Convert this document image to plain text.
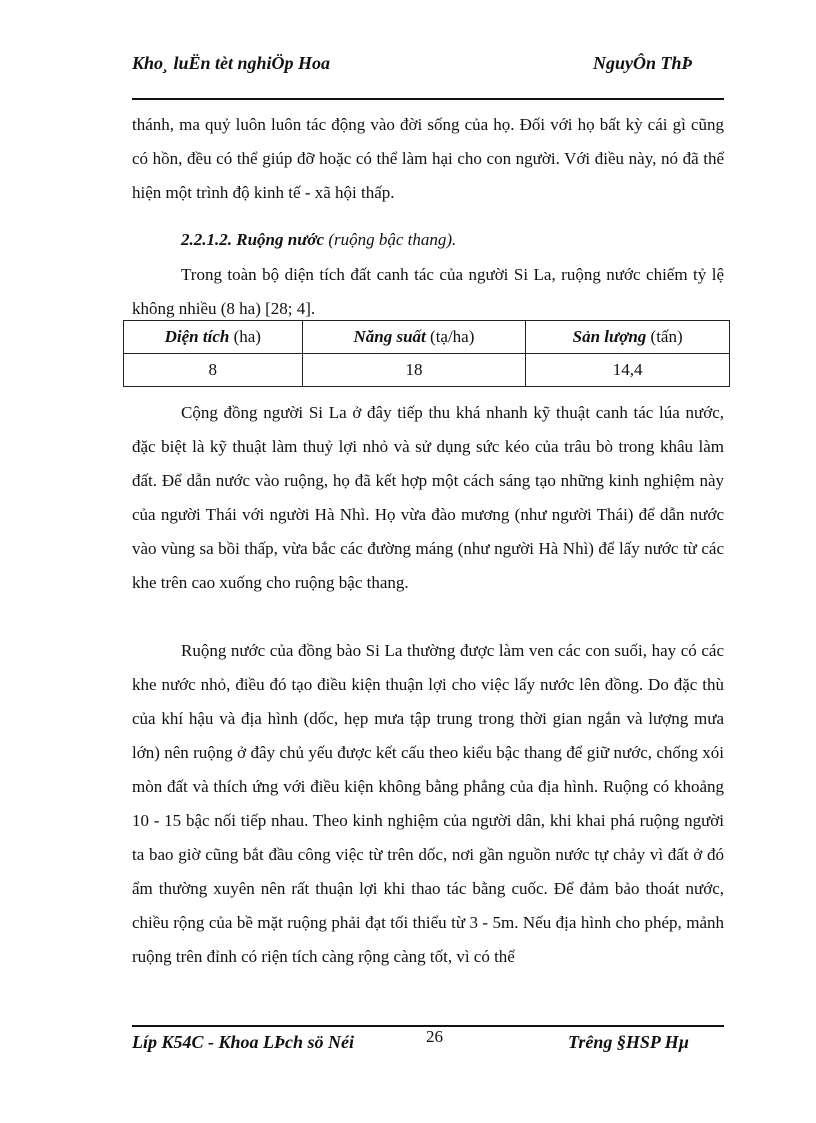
Kho¸ luËn tèt nghiÖp Hoa	NguyÔn ThÞ
thánh, ma quỷ luôn luôn tác động vào đời sống của họ. Đối với họ bất kỳ cái gì cũng có hồn, đều có thể giúp đỡ hoặc có thể làm hại cho con người. Với điều này, nó đã thể hiện một trình độ kinh tế - xã hội thấp.
2.2.1.2. Ruộng nước (ruộng bậc thang).
Trong toàn bộ diện tích đất canh tác của người Si La, ruộng nước chiếm tỷ lệ không nhiều (8 ha) [28; 4].
Diện tích (ha)	Năng suất (tạ/ha)	Sản lượng (tấn)
8	18	14,4
Cộng đồng người Si La ở đây tiếp thu khá nhanh kỹ thuật canh tác lúa nước, đặc biệt là kỹ thuật làm thuỷ lợi nhỏ và sử dụng sức kéo của trâu bò trong khâu làm đất. Để dẫn nước vào ruộng, họ đã kết hợp một cách sáng tạo những kinh nghiệm này của người Thái với người Hà Nhì. Họ vừa đào mương (như người Thái) để dẫn nước vào vùng sa bồi thấp, vừa bắc các đường máng (như người Hà Nhì) để lấy nước từ các khe trên cao xuống cho ruộng bậc thang.
Ruộng nước của đồng bào Si La thường được làm ven các con suối, hay có các khe nước nhỏ, điều đó tạo điều kiện thuận lợi cho việc lấy nước lên đồng. Do đặc thù của khí hậu và địa hình (dốc, hẹp mưa tập trung trong thời gian ngắn và lượng mưa lớn) nên ruộng ở đây chủ yếu được kết cấu theo kiểu bậc thang để giữ nước, chống xói mòn đất và thích ứng với điều kiện không bằng phẳng của địa hình. Ruộng có khoảng 10 - 15 bậc nối tiếp nhau. Theo kinh nghiệm của người dân, khi khai phá ruộng người ta bao giờ cũng bắt đầu công việc từ trên dốc, nơi gần nguồn nước tự chảy vì đất ở đó ẩm thường xuyên nên rất thuận lợi khi thao tác bằng cuốc. Để đảm bảo thoát nước, chiều rộng của bề mặt ruộng phải đạt tối thiểu từ 3 - 5m. Nếu địa hình cho phép, mảnh ruộng trên đỉnh có riện tích càng rộng càng tốt, vì có thể
Líp K54C - Khoa LÞch sö Néi	26	Trêng §HSP Hµ
